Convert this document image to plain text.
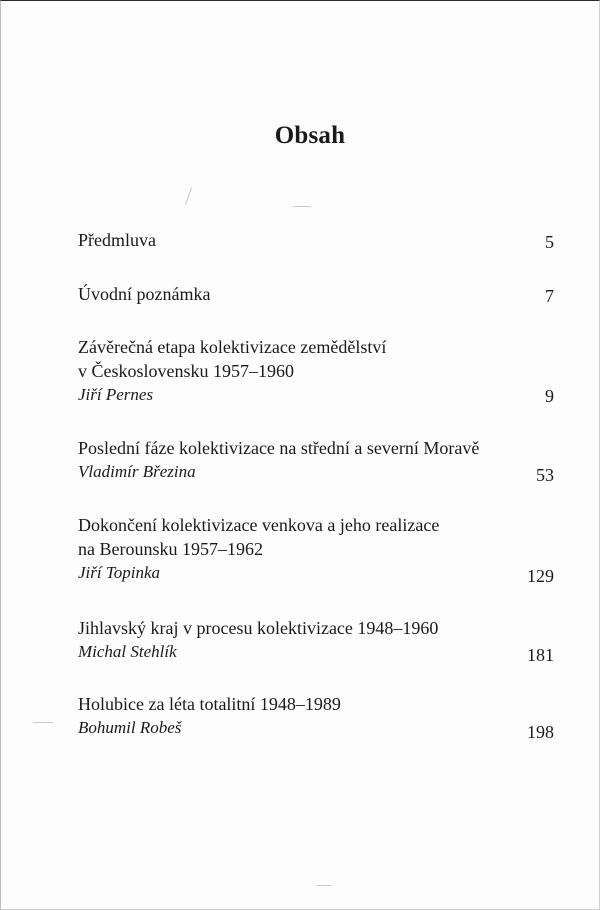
Obsah
Předmluva	5
Úvodní poznámka	7
Závěrečná etapa kolektivizace zemědělství
v Československu 1957–1960
Jiří Pernes	9
Poslední fáze kolektivizace na střední a severní Moravě
Vladimír Březina	53
Dokončení kolektivizace venkova a jeho realizace
na Berounsku 1957–1962
Jiří Topinka	129
Jihlavský kraj v procesu kolektivizace 1948–1960
Michal Stehlík	181
Holubice za léta totalitní 1948–1989
Bohumil Robeš	198
